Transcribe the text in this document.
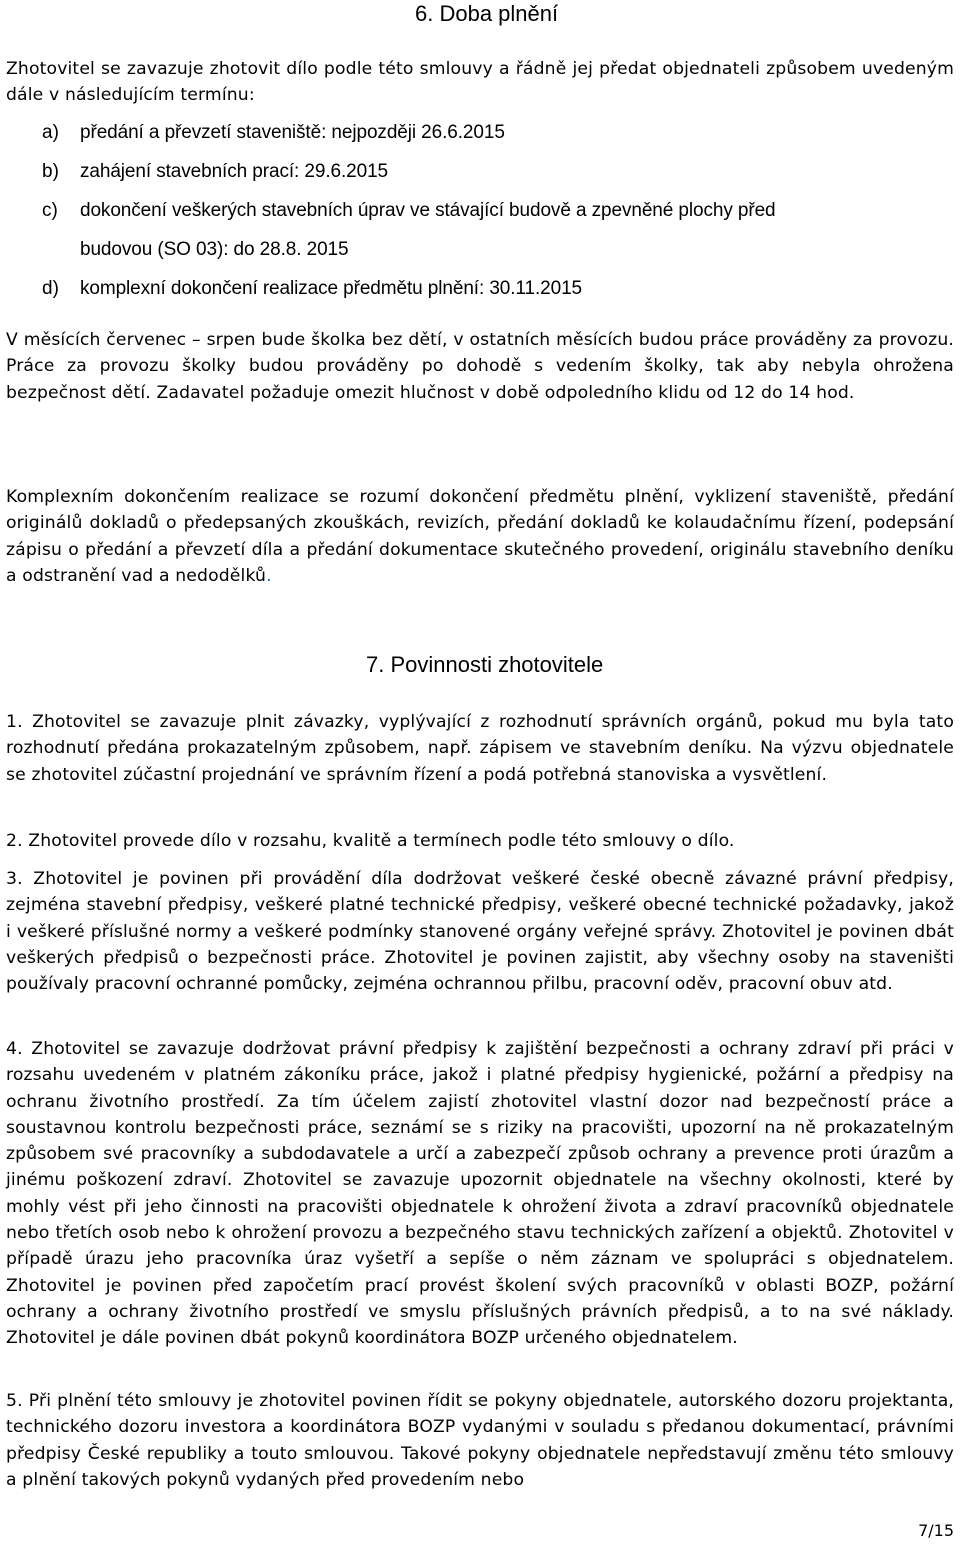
6. Doba plnění
Zhotovitel se zavazuje zhotovit dílo podle této smlouvy a řádně jej předat objednateli způsobem uvedeným dále v následujícím termínu:
a) předání a převzetí staveniště: nejpozději 26.6.2015
b) zahájení stavebních prací: 29.6.2015
c) dokončení veškerých stavebních úprav ve stávající budově a zpevněné plochy před
budovou (SO 03): do 28.8. 2015
d) komplexní dokončení realizace předmětu plnění: 30.11.2015
V měsících červenec – srpen bude školka bez dětí, v ostatních měsících budou práce prováděny za provozu. Práce za provozu školky budou prováděny po dohodě s vedením školky, tak aby nebyla ohrožena bezpečnost dětí. Zadavatel požaduje omezit hlučnost v době odpoledního klidu od 12 do 14 hod.
Komplexním dokončením realizace se rozumí dokončení předmětu plnění, vyklizení staveniště, předání originálů dokladů o předepsaných zkouškách, revizích, předání dokladů ke kolaudačnímu řízení, podepsání zápisu o předání a převzetí díla a předání dokumentace skutečného provedení, originálu stavebního deníku a odstranění vad a nedodělků.
7. Povinnosti zhotovitele
1. Zhotovitel se zavazuje plnit závazky, vyplývající z rozhodnutí správních orgánů, pokud mu byla tato rozhodnutí předána prokazatelným způsobem, např. zápisem ve stavebním deníku. Na výzvu objednatele se zhotovitel zúčastní projednání ve správním řízení a podá potřebná stanoviska a vysvětlení.
2. Zhotovitel provede dílo v rozsahu, kvalitě a termínech podle této smlouvy o dílo.
3. Zhotovitel je povinen při provádění díla dodržovat veškeré české obecně závazné právní předpisy, zejména stavební předpisy, veškeré platné technické předpisy, veškeré obecné technické požadavky, jakož i veškeré příslušné normy a veškeré podmínky stanovené orgány veřejné správy. Zhotovitel je povinen dbát veškerých předpisů o bezpečnosti práce. Zhotovitel je povinen zajistit, aby všechny osoby na staveništi používaly pracovní ochranné pomůcky, zejména ochrannou přilbu, pracovní oděv, pracovní obuv atd.
4. Zhotovitel se zavazuje dodržovat právní předpisy k zajištění bezpečnosti a ochrany zdraví při práci v rozsahu uvedeném v platném zákoníku práce, jakož i platné předpisy hygienické, požární a předpisy na ochranu životního prostředí. Za tím účelem zajistí zhotovitel vlastní dozor nad bezpečností práce a soustavnou kontrolu bezpečnosti práce, seznámí se s riziky na pracovišti, upozorní na ně prokazatelným způsobem své pracovníky a subdodavatele a určí a zabezpečí způsob ochrany a prevence proti úrazům a jinému poškození zdraví. Zhotovitel se zavazuje upozornit objednatele na všechny okolnosti, které by mohly vést při jeho činnosti na pracovišti objednatele k ohrožení života a zdraví pracovníků objednatele nebo třetích osob nebo k ohrožení provozu a bezpečného stavu technických zařízení a objektů. Zhotovitel v případě úrazu jeho pracovníka úraz vyšetří a sepíše o něm záznam ve spolupráci s objednatelem. Zhotovitel je povinen před započetím prací provést školení svých pracovníků v oblasti BOZP, požární ochrany a ochrany životního prostředí ve smyslu příslušných právních předpisů, a to na své náklady. Zhotovitel je dále povinen dbát pokynů koordinátora BOZP určeného objednatelem.
5. Při plnění této smlouvy je zhotovitel povinen řídit se pokyny objednatele, autorského dozoru projektanta, technického dozoru investora a koordinátora BOZP vydanými v souladu s předanou dokumentací, právními předpisy České republiky a touto smlouvou. Takové pokyny objednatele nepředstavují změnu této smlouvy a plnění takových pokynů vydaných před provedením nebo
7/15
